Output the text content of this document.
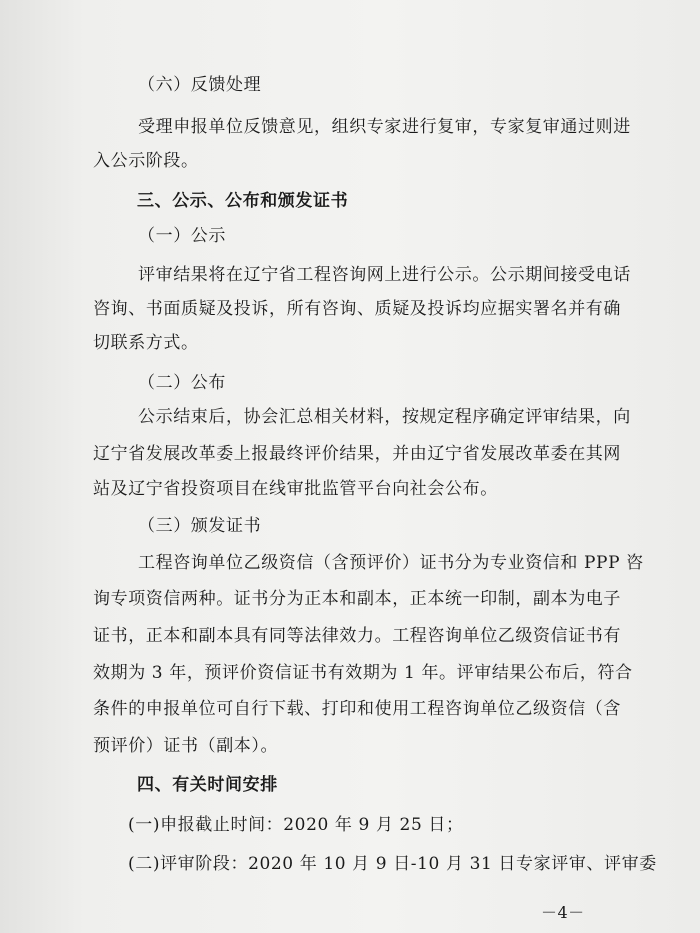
（六）反馈处理
受理申报单位反馈意见，组织专家进行复审，专家复审通过则进
入公示阶段。
三、公示、公布和颁发证书
（一）公示
评审结果将在辽宁省工程咨询网上进行公示。公示期间接受电话
咨询、书面质疑及投诉，所有咨询、质疑及投诉均应据实署名并有确
切联系方式。
（二）公布
公示结束后，协会汇总相关材料，按规定程序确定评审结果，向
辽宁省发展改革委上报最终评价结果，并由辽宁省发展改革委在其网
站及辽宁省投资项目在线审批监管平台向社会公布。
（三）颁发证书
工程咨询单位乙级资信（含预评价）证书分为专业资信和 PPP 咨
询专项资信两种。证书分为正本和副本，正本统一印制，副本为电子
证书，正本和副本具有同等法律效力。工程咨询单位乙级资信证书有
效期为 3 年，预评价资信证书有效期为 1 年。评审结果公布后，符合
条件的申报单位可自行下载、打印和使用工程咨询单位乙级资信（含
预评价）证书（副本）。
四、有关时间安排
(一)申报截止时间：2020 年 9 月 25 日；
(二)评审阶段：2020 年 10 月 9 日-10 月 31 日专家评审、评审委
－4－
